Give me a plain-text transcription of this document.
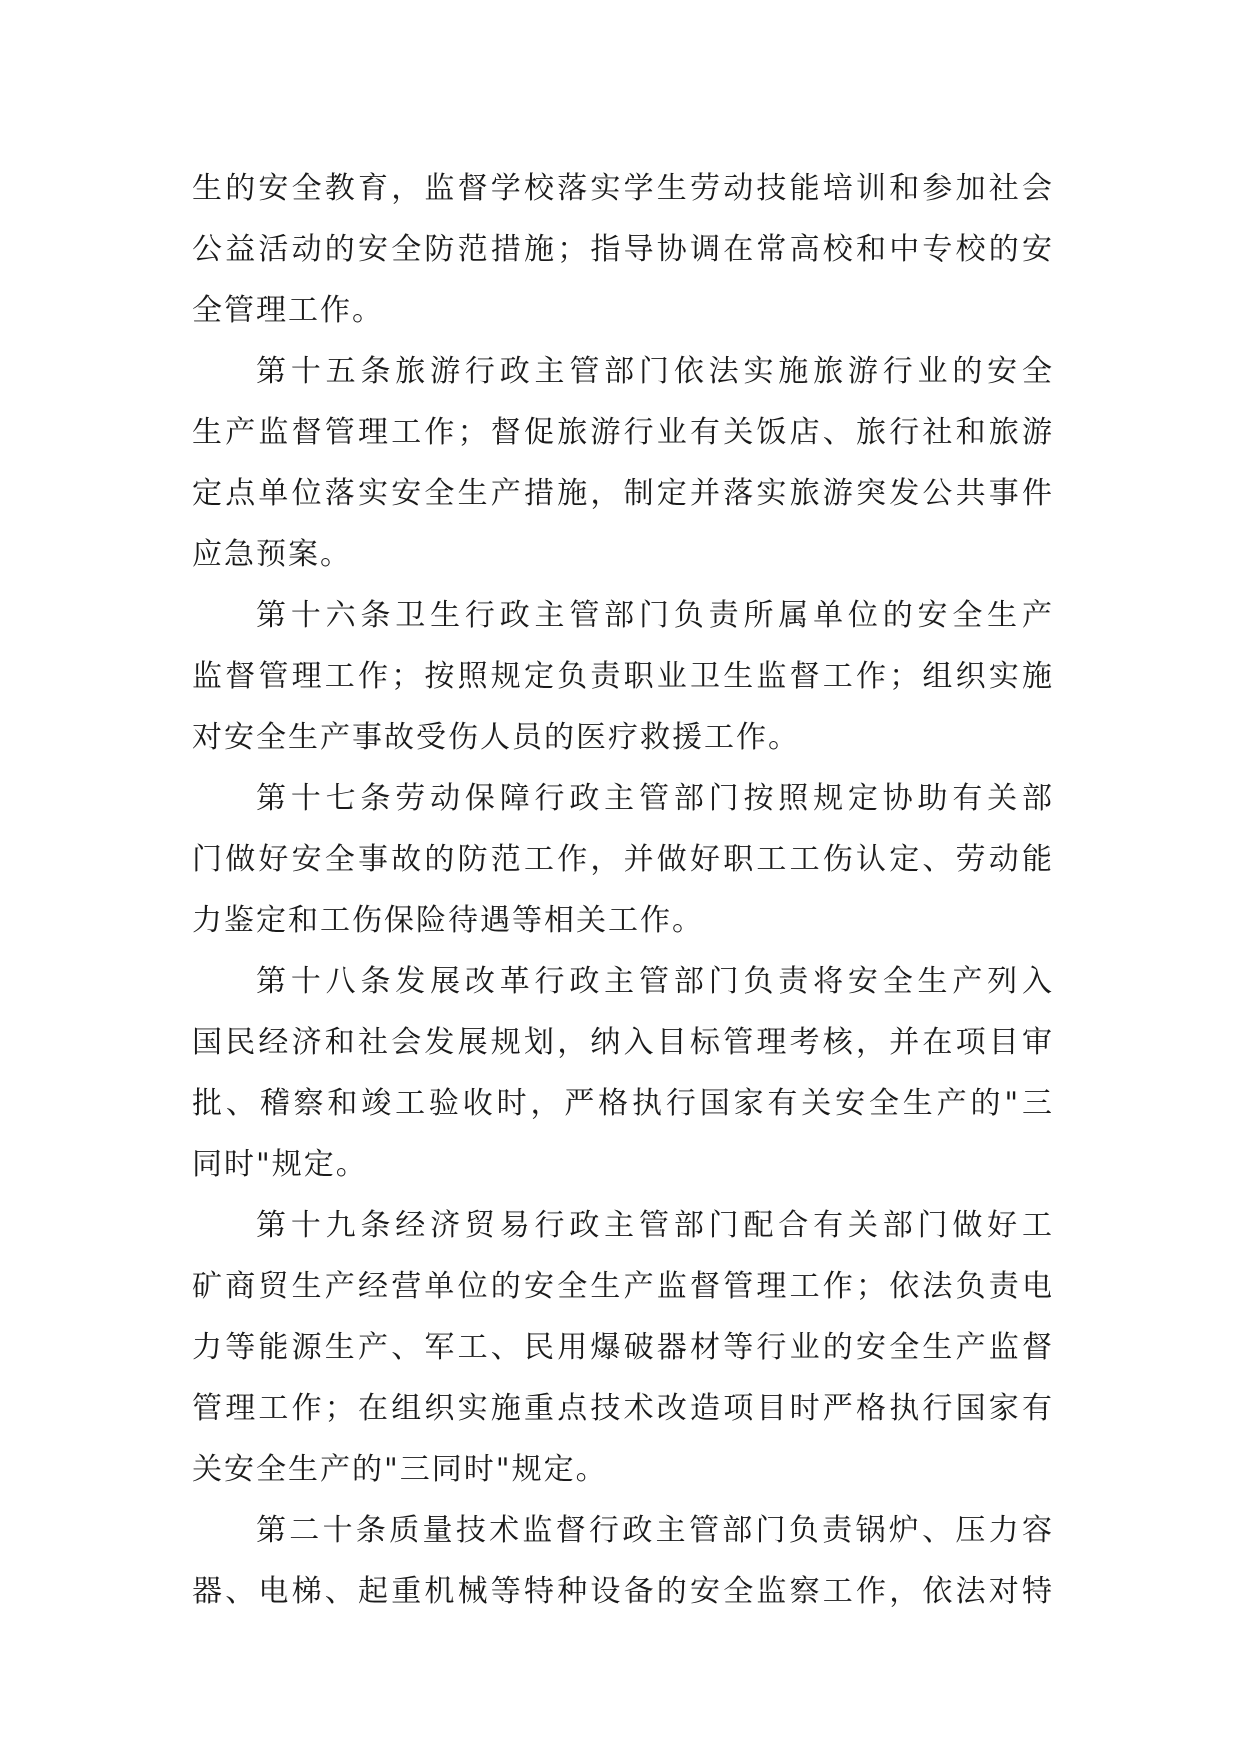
生的安全教育，监督学校落实学生劳动技能培训和参加社会
公益活动的安全防范措施；指导协调在常高校和中专校的安
全管理工作。
第十五条旅游行政主管部门依法实施旅游行业的安全
生产监督管理工作；督促旅游行业有关饭店、旅行社和旅游
定点单位落实安全生产措施，制定并落实旅游突发公共事件
应急预案。
第十六条卫生行政主管部门负责所属单位的安全生产
监督管理工作；按照规定负责职业卫生监督工作；组织实施
对安全生产事故受伤人员的医疗救援工作。
第十七条劳动保障行政主管部门按照规定协助有关部
门做好安全事故的防范工作，并做好职工工伤认定、劳动能
力鉴定和工伤保险待遇等相关工作。
第十八条发展改革行政主管部门负责将安全生产列入
国民经济和社会发展规划，纳入目标管理考核，并在项目审
批、稽察和竣工验收时，严格执行国家有关安全生产的"三
同时"规定。
第十九条经济贸易行政主管部门配合有关部门做好工
矿商贸生产经营单位的安全生产监督管理工作；依法负责电
力等能源生产、军工、民用爆破器材等行业的安全生产监督
管理工作；在组织实施重点技术改造项目时严格执行国家有
关安全生产的"三同时"规定。
第二十条质量技术监督行政主管部门负责锅炉、压力容
器、电梯、起重机械等特种设备的安全监察工作，依法对特
